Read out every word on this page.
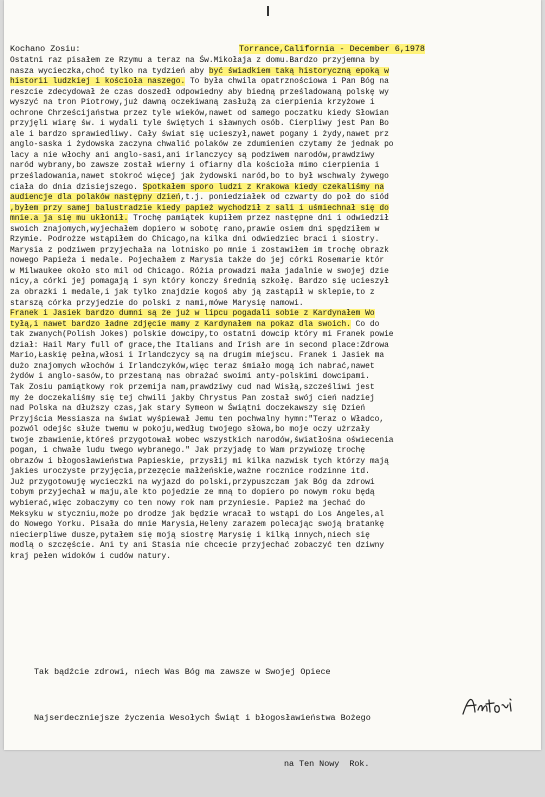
Kochano Zosiu:	Torrance,California - December 6,1978
Ostatni raz pisałem ze Rzymu a teraz na Św.Mikołaja z domu.Bardzo przyjemna by
nasza wycieczka,choć tylko na tydzień aby być świadkiem taką historyczną epoką w
historii ludzkiej i kościoła naszego. To była chwila opatrznościowa i Pan Bóg na
reszcie zdecydował że czas doszedł odpowiedny aby biedną prześladowaną polskę wy
wyszyć na tron Piotrowy,już dawną oczekiwaną zasłużą za cierpienia krzyżowe i
ochrone Chrześcijaństwa przez tyle wieków,nawet od samego poczatku kiedy Słowian
przyjęli wiarę św. i wydali tyle świętych i sławnych osób. Cierpliwy jest Pan Bo
ale i bardzo sprawiedliwy. Cały świat się ucieszył,nawet pogany i żydy,nawet prz
anglo-saska i żydowska zaczyna chwalić polaków ze zdumienien czytamy że jednak po
lacy a nie włochy ani anglo-sasi,ani irlanczycy są podziwem narodów,prawdziwy
naród wybrany,bo zawsze został wierny i ofiarny dla kościoła mimo cierpienia i
prześladowania,nawet stokroć więcej jak żydowski naród,bo to był wschwaly żywego
ciała do dnia dzisiejszego. Spotkałem sporo ludzi z Krakowa kiedy czekaliśmy na
audiencje dla polaków następny dzień,t.j. poniedziałek od czwarty do poł do siód
,byłem przy samej balustradzie kiedy papież wychodził z sali i uśmiechnał się do
mnie.a ja się mu ukłonił. Trochę pamiątek kupiłem przez następne dni i odwiedził
swoich znajomych,wyjechałem dopiero w sobotę rano,prawie osiem dni spędziłem w
Rzymie. Podrożze wstąpiłem do Chicago,na kilka dni odwiedziec braci i siostry.
Marysia z podziwem przyjechała na lotnisko po mnie i zostawiłem im trochę obrazk
nowego Papieża i medale. Pojechałem z Marysia także do jej córki Rosemarie któr
w Milwaukee około sto mil od Chicago. Różia prowadzi mała jadalnie w swojej dzie
nicy,a córki jej pomagają i syn który konczy średnią szkołę. Bardzo się ucieszył
za obrazki i medale,i jak tylko znajdzie kogoś aby ją zastąpił w sklepie,to z
starszą córka przyjedzie do polski z nami,mówe Marysię namowi.
Franek i Jasiek bardzo dumni są że już w lipcu pogadali sobie z Kardynałem Wo
tyłą,i nawet bardzo ładne zdjęcie mamy z Kardynałem na pokaz dla swoich. Co do
tak zwanych(Polish Jokes) polskie dowcipy,to ostatni dowcip który mi Franek powie
dział: Hail Mary full of grace,the Italians and Irish are in second place:Zdrowa
Mario,Łaskię pełna,włosi i Irlandczycy są na drugim miejscu. Franek i Jasiek ma
dużo znajomych włochów i Irlandczyków,więc teraz śmiało mogą ich nabrać,nawet
żydów i anglo-sasów,to przestaną nas obrażać swoimi anty-polskimi dowcipami.
Tak Zosiu pamiątkowy rok przemija nam,prawdziwy cud nad Wisłą,szcześliwi jest
my że doczekaliśmy się tej chwili jakby Chrystus Pan został swój cień nadziej
nad Polska na dłuższy czas,jak stary Symeon w Świątni doczekawszy się Dzień
Przyjścia Messiasza na świat wyśpiewał Jemu ten pochwalny hymn:"Teraz o Władco,
pozwól odejśc służe twemu w pokoju,według twojego słowa,bo moje oczy użrzały
twoje zbawienie,któreś przygotował wobec wszystkich narodów,światłośna oświecenia
pogan, i chwałe ludu twego wybranego." Jak przyjadę to Wam przywiozę trochę
obrazów i błogosławieństwa Papieskie, przysłij mi kilka nazwisk tych którzy mają
jakies uroczyste przyjęcia,przezęcie małżeńskie,ważne rocznice rodzinne itd.
Już przygotowuję wycieczki na wyjazd do polski,przypuszczam jak Bóg da zdrowi
tobym przyjechał w maju,ale kto pojedzie ze mną to dopiero po nowym roku będą
wybierać,więc zobaczymy co ten nowy rok nam przyniesie. Papież ma jechać do
Meksyku w styczniu,może po drodze jak będzie wracał to wstąpi do Los Angeles,al
do Nowego Yorku. Pisała do mnie Marysia,Heleny zarazem polecając swoją bratankę
niecierpliwe dusze,pytałem się moją siostrę Marysię i kilką innych,niech się
modlą o szczęście. Ani ty ani Stasia nie chcecie przyjechać zobaczyć ten dziwny
kraj pełen widoków i cudów natury.

Tak bądźcie zdrowi, niech Was Bóg ma zawsze w Swojej Opiece

Najserdeczniejsze życzenia Wesołych Świąt i błogosławieństwa Bożego

na Ten Nowy  Rok.
